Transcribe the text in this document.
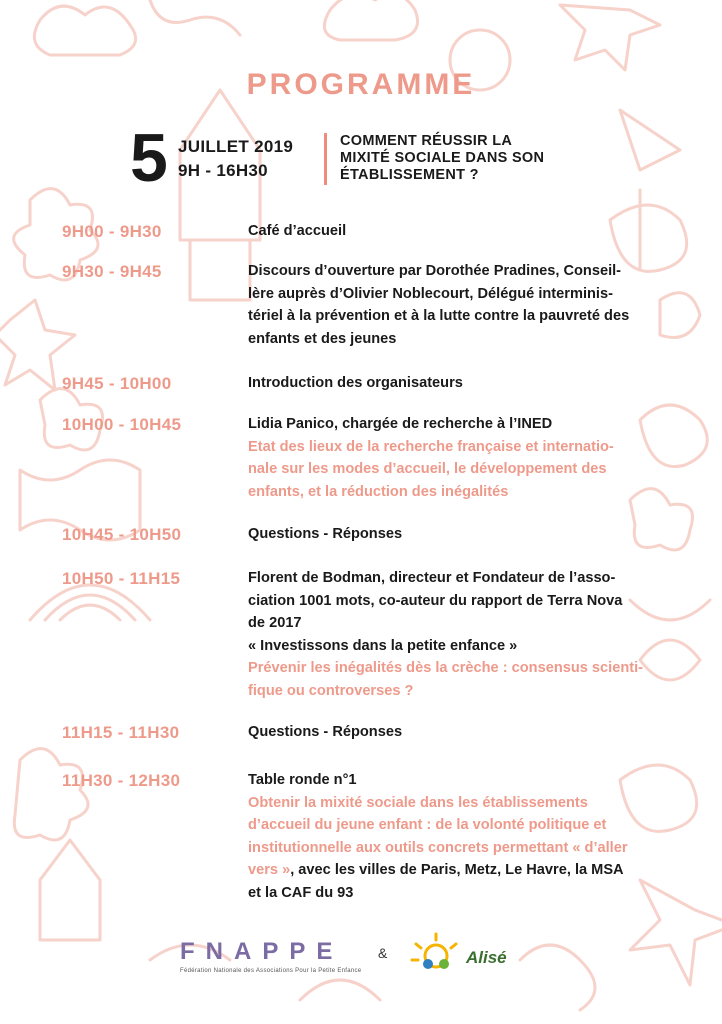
PROGRAMME
5 JUILLET 2019
9H - 16H30
COMMENT RÉUSSIR LA
MIXITÉ SOCIALE DANS SON
ÉTABLISSEMENT ?
9H00 - 9H30	Café d’accueil
9H30 - 9H45	Discours d’ouverture par Dorothée Pradines, Conseil-
lère auprès d’Olivier Noblecourt, Délégué interminis-
tériel à la prévention et à la lutte contre la pauvreté des
enfants et des jeunes
9H45 - 10H00	Introduction des organisateurs
10H00 - 10H45	Lidia Panico, chargée de recherche à l’INED
Etat des lieux de la recherche française et internatio-
nale sur les modes d’accueil, le développement des
enfants, et la réduction des inégalités
10H45 - 10H50	Questions - Réponses
10H50 - 11H15	Florent de Bodman, directeur et Fondateur de l’asso-
ciation 1001 mots, co-auteur du rapport de Terra Nova
de 2017
« Investissons dans la petite enfance »
Prévenir les inégalités dès la crèche : consensus scienti-
fique ou controverses ?
11H15 - 11H30	Questions - Réponses
11H30 - 12H30	Table ronde n°1
Obtenir la mixité sociale dans les établissements
d’accueil du jeune enfant : de la volonté politique et
institutionnelle aux outils concrets permettant « d’aller
vers », avec les villes de Paris, Metz, Le Havre, la MSA
et la CAF du 93
FNAPPE
Fédération Nationale des Associations Pour la Petite Enfance
&	Alisé
